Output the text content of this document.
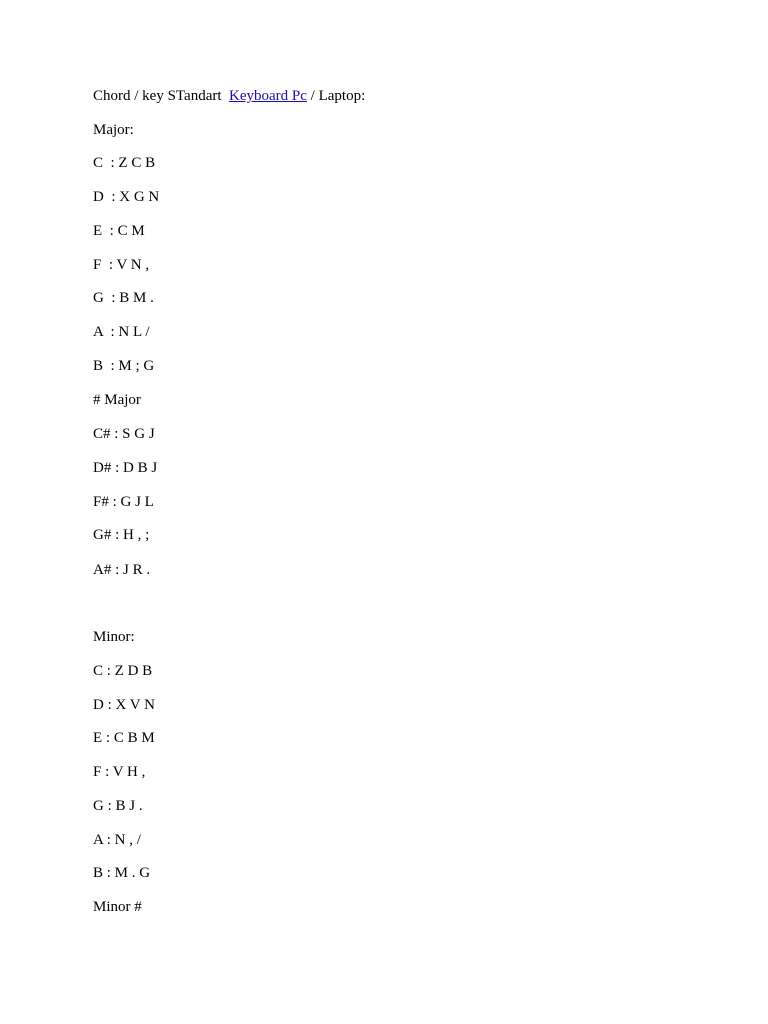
Chord / key STandart  Keyboard Pc / Laptop:
Major:
C  : Z C B
D  : X G N
E  : C M
F  : V N ,
G  : B M .
A  : N L /
B  : M ; G
# Major
C# : S G J
D# : D B J
F# : G J L
G# : H , ;
A# : J R .
Minor:
C : Z D B
D : X V N
E : C B M
F : V H ,
G : B J .
A : N , /
B : M . G
Minor #
